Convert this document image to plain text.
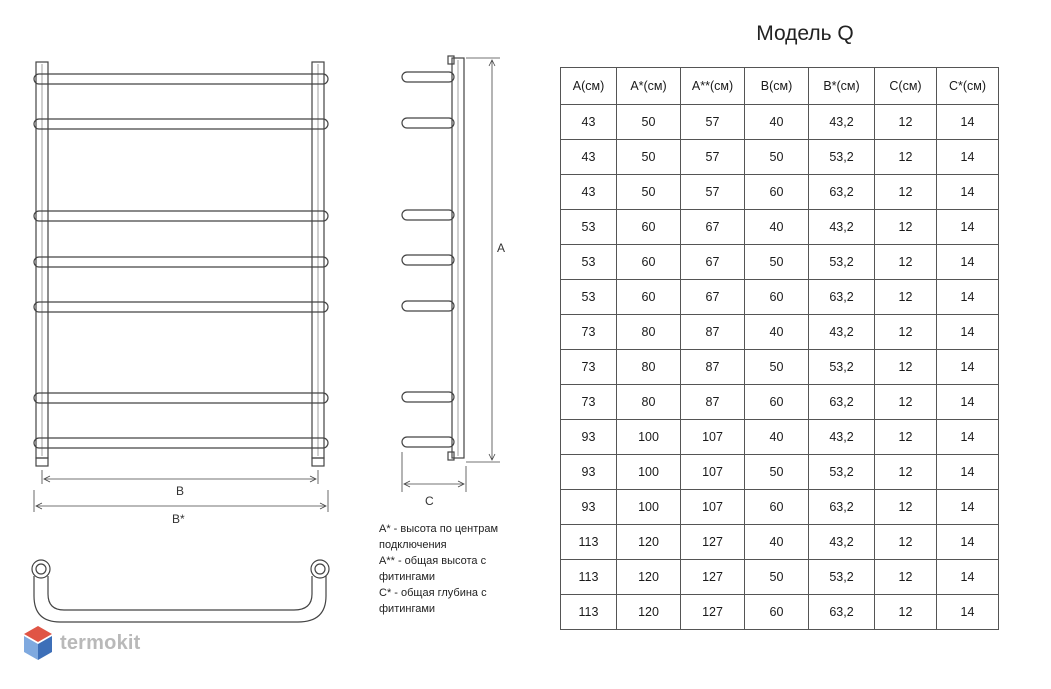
B
B*
A
C
A* - высота по центрам
подключения
A** - общая высота с
фитингами
C* - общая глубина с
фитингами
Модель Q
A(см)	A*(см)	A**(см)	B(см)	B*(см)	C(см)	C*(см)
43	50	57	40	43,2	12	14
43	50	57	50	53,2	12	14
43	50	57	60	63,2	12	14
53	60	67	40	43,2	12	14
53	60	67	50	53,2	12	14
53	60	67	60	63,2	12	14
73	80	87	40	43,2	12	14
73	80	87	50	53,2	12	14
73	80	87	60	63,2	12	14
93	100	107	40	43,2	12	14
93	100	107	50	53,2	12	14
93	100	107	60	63,2	12	14
113	120	127	40	43,2	12	14
113	120	127	50	53,2	12	14
113	120	127	60	63,2	12	14
termokit
